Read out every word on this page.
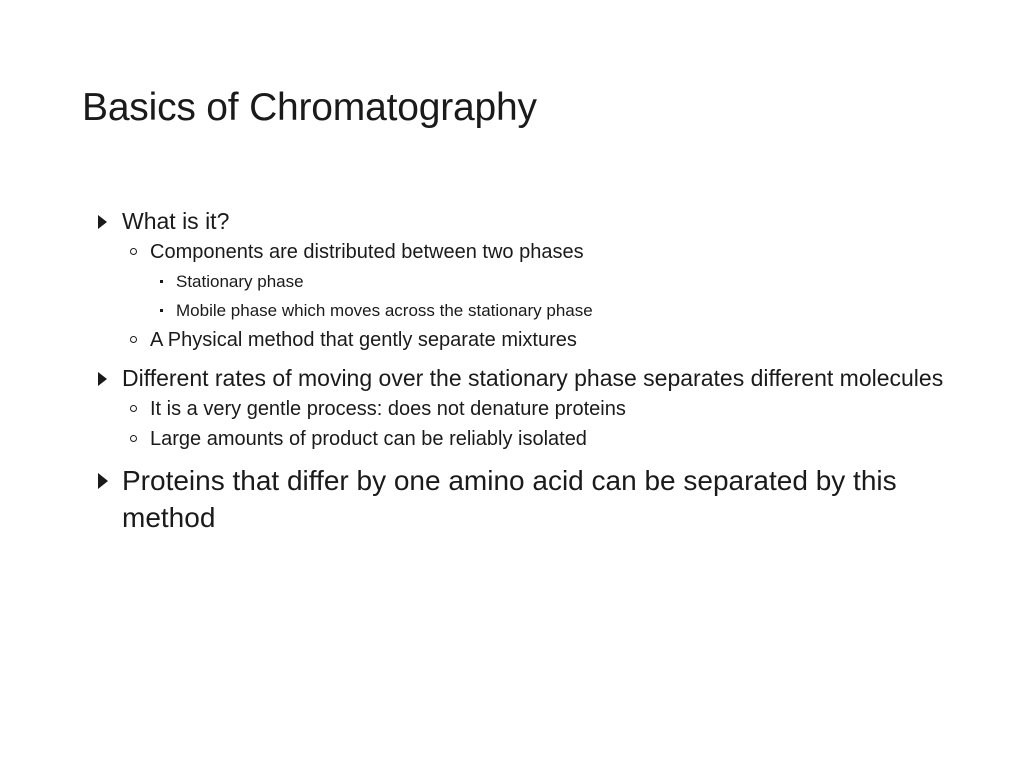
Basics of Chromatography
What is it?
Components are distributed between two phases
Stationary phase
Mobile phase which moves across the stationary phase
A Physical method that gently separate mixtures
Different rates of moving over the stationary phase separates different molecules
It is a very gentle process: does not denature proteins
Large amounts of product can be reliably isolated
Proteins that differ by one amino acid can be separated by this method
